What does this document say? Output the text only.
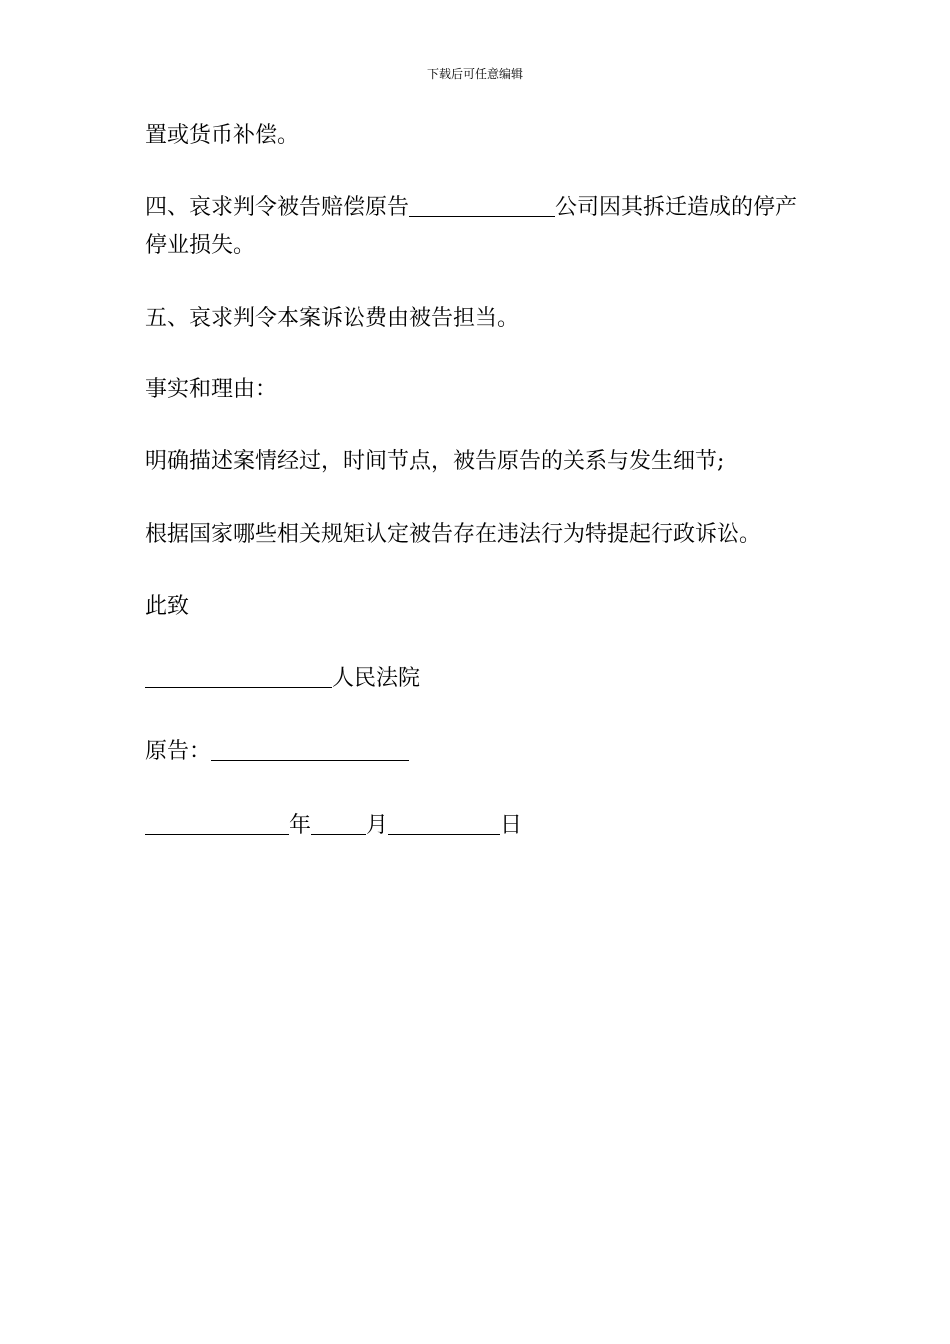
下载后可任意编辑
置或货币补偿。
四、哀求判令被告赔偿原告	公司因其拆迁造成的停产
停业损失。
五、哀求判令本案诉讼费由被告担当。
事实和理由：
明确描述案情经过，时间节点，被告原告的关系与发生细节;
根据国家哪些相关规矩认定被告存在违法行为特提起行政诉讼。
此致
人民法院
原告：
年	月	日
